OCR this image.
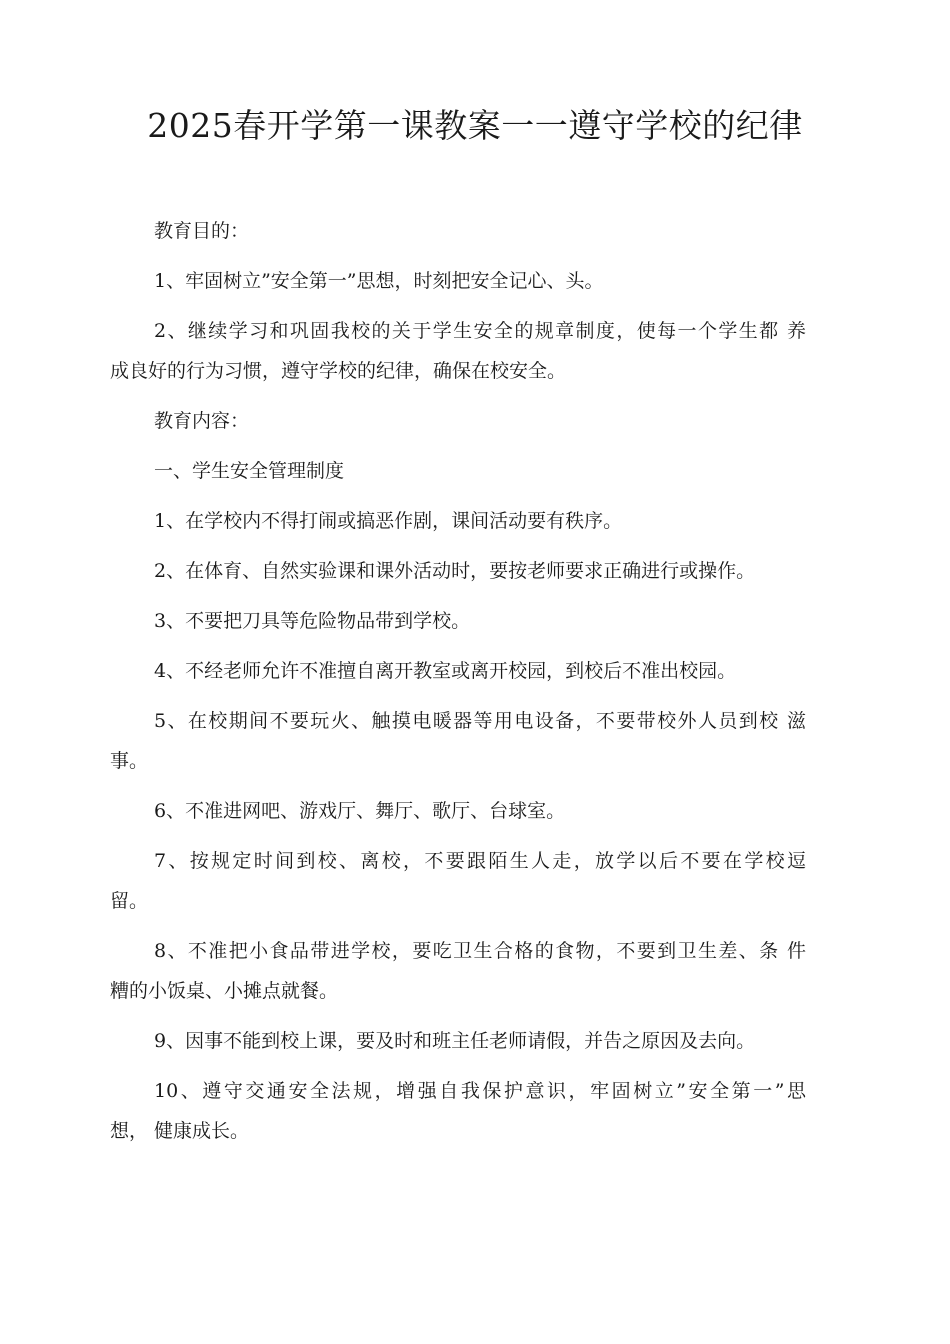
2025春开学第一课教案一一遵守学校的纪律

教育目的：

1、牢固树立”安全第一”思想，时刻把安全记心、头。

2、继续学习和巩固我校的关于学生安全的规章制度，使每一个学生都 养
成良好的行为习惯，遵守学校的纪律，确保在校安全。

教育内容：

一、学生安全管理制度

1、在学校内不得打闹或搞恶作剧，课间活动要有秩序。

2、在体育、自然实验课和课外活动时，要按老师要求正确进行或操作。

3、不要把刀具等危险物品带到学校。

4、不经老师允许不准擅自离开教室或离开校园，到校后不准出校园。

5、在校期间不要玩火、触摸电暖器等用电设备，不要带校外人员到校 滋
事。

6、不准进网吧、游戏厅、舞厅、歌厅、台球室。

7、按规定时间到校、离校，不要跟陌生人走，放学以后不要在学校逗
留。

8、不准把小食品带进学校，要吃卫生合格的食物，不要到卫生差、条 件
糟的小饭桌、小摊点就餐。

9、因事不能到校上课，要及时和班主任老师请假，并告之原因及去向。

10、遵守交通安全法规，增强自我保护意识，牢固树立”安全第一”思
想， 健康成长。
